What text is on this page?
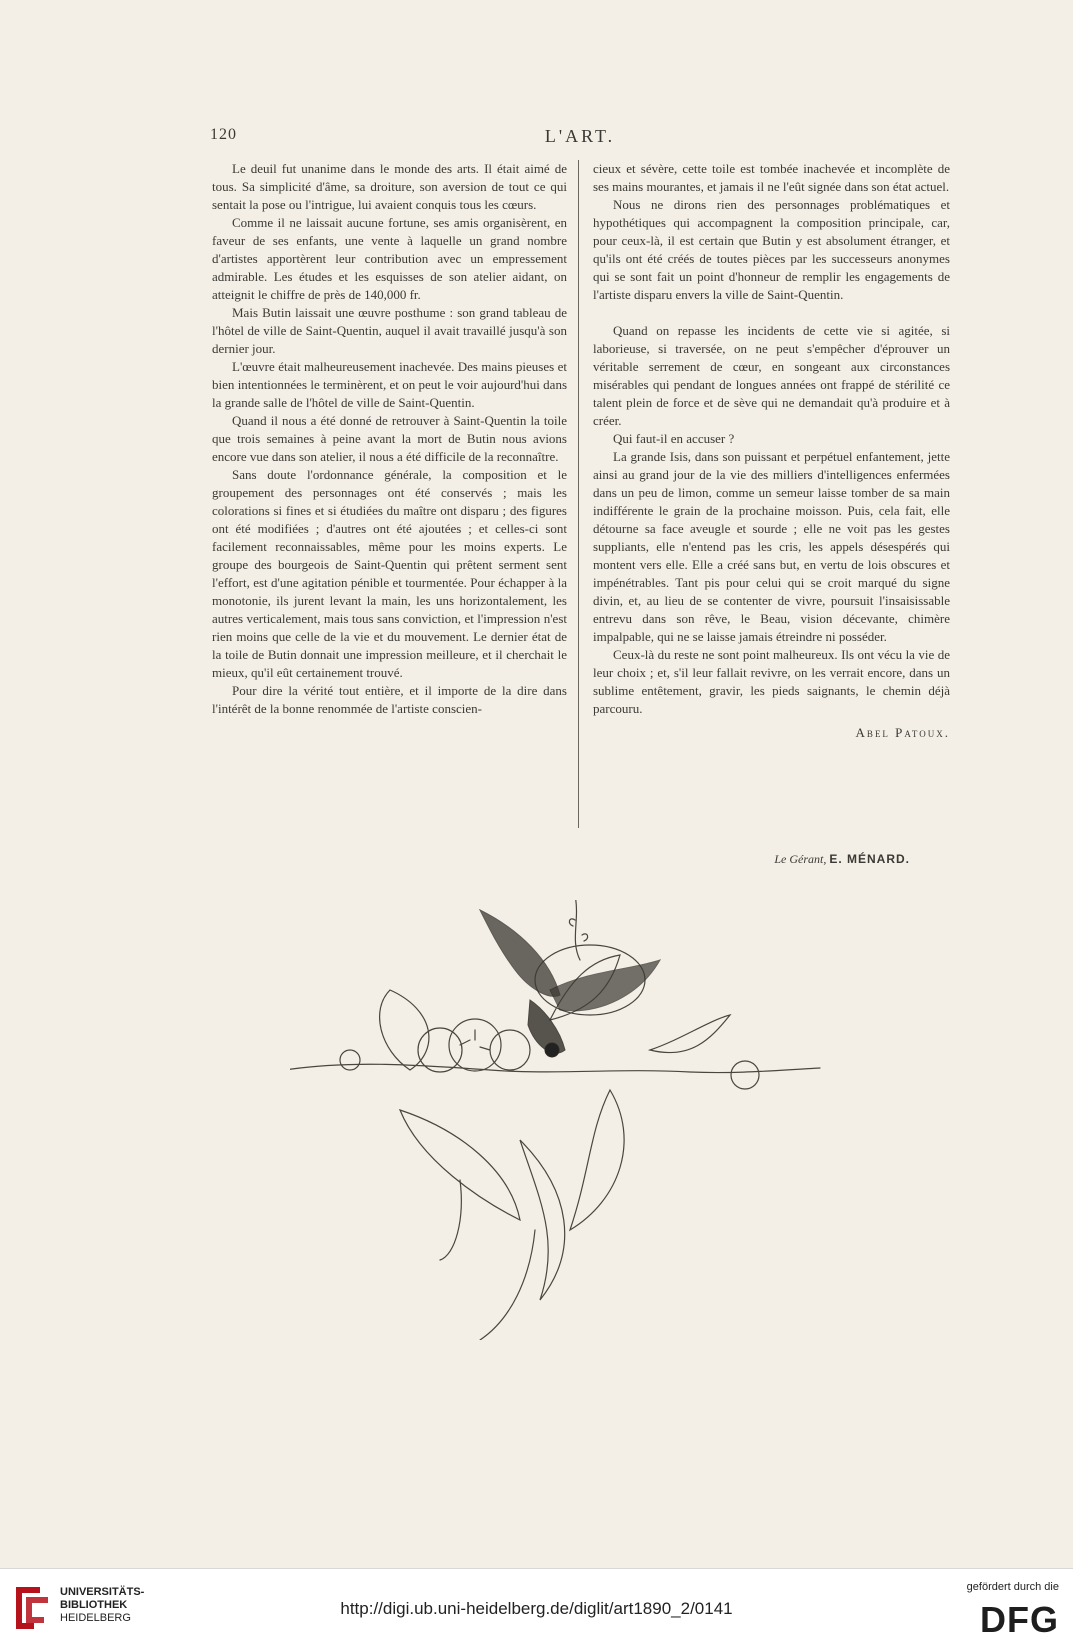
120	L'ART.

Le deuil fut unanime dans le monde des arts. Il était aimé de tous. Sa simplicité d'âme, sa droiture, son aversion de tout ce qui sentait la pose ou l'intrigue, lui avaient conquis tous les cœurs.

Comme il ne laissait aucune fortune, ses amis organisèrent, en faveur de ses enfants, une vente à laquelle un grand nombre d'artistes apportèrent leur contribution avec un empressement admirable. Les études et les esquisses de son atelier aidant, on atteignit le chiffre de près de 140,000 fr.

Mais Butin laissait une œuvre posthume : son grand tableau de l'hôtel de ville de Saint-Quentin, auquel il avait travaillé jusqu'à son dernier jour.

L'œuvre était malheureusement inachevée. Des mains pieuses et bien intentionnées le terminèrent, et on peut le voir aujourd'hui dans la grande salle de l'hôtel de ville de Saint-Quentin.

Quand il nous a été donné de retrouver à Saint-Quentin la toile que trois semaines à peine avant la mort de Butin nous avions encore vue dans son atelier, il nous a été difficile de la reconnaître.

Sans doute l'ordonnance générale, la composition et le groupement des personnages ont été conservés ; mais les colorations si fines et si étudiées du maître ont disparu ; des figures ont été modifiées ; d'autres ont été ajoutées ; et celles-ci sont facilement reconnaissables, même pour les moins experts. Le groupe des bourgeois de Saint-Quentin qui prêtent serment sent l'effort, est d'une agitation pénible et tourmentée. Pour échapper à la monotonie, ils jurent levant la main, les uns horizontalement, les autres verticalement, mais tous sans conviction, et l'impression n'est rien moins que celle de la vie et du mouvement. Le dernier état de la toile de Butin donnait une impression meilleure, et il cherchait le mieux, qu'il eût certainement trouvé.

Pour dire la vérité tout entière, et il importe de la dire dans l'intérêt de la bonne renommée de l'artiste conscien-

cieux et sévère, cette toile est tombée inachevée et incomplète de ses mains mourantes, et jamais il ne l'eût signée dans son état actuel.

Nous ne dirons rien des personnages problématiques et hypothétiques qui accompagnent la composition principale, car, pour ceux-là, il est certain que Butin y est absolument étranger, et qu'ils ont été créés de toutes pièces par les successeurs anonymes qui se sont fait un point d'honneur de remplir les engagements de l'artiste disparu envers la ville de Saint-Quentin.

Quand on repasse les incidents de cette vie si agitée, si laborieuse, si traversée, on ne peut s'empêcher d'éprouver un véritable serrement de cœur, en songeant aux circonstances misérables qui pendant de longues années ont frappé de stérilité ce talent plein de force et de sève qui ne demandait qu'à produire et à créer.

Qui faut-il en accuser ?

La grande Isis, dans son puissant et perpétuel enfantement, jette ainsi au grand jour de la vie des milliers d'intelligences enfermées dans un peu de limon, comme un semeur laisse tomber de sa main indifférente le grain de la prochaine moisson. Puis, cela fait, elle détourne sa face aveugle et sourde ; elle ne voit pas les gestes suppliants, elle n'entend pas les cris, les appels désespérés qui montent vers elle. Elle a créé sans but, en vertu de lois obscures et impénétrables. Tant pis pour celui qui se croit marqué du signe divin, et, au lieu de se contenter de vivre, poursuit l'insaisissable entrevu dans son rêve, le Beau, vision décevante, chimère impalpable, qui ne se laisse jamais étreindre ni posséder.

Ceux-là du reste ne sont point malheureux. Ils ont vécu la vie de leur choix ; et, s'il leur fallait revivre, on les verrait encore, dans un sublime entêtement, gravir, les pieds saignants, le chemin déjà parcouru.

Abel Patoux.
Le Gérant, E. MÉNARD.
UNIVERSITÄTS-
BIBLIOTHEK
HEIDELBERG	http://digi.ub.uni-heidelberg.de/diglit/art1890_2/0141
gefördert durch die
DFG
